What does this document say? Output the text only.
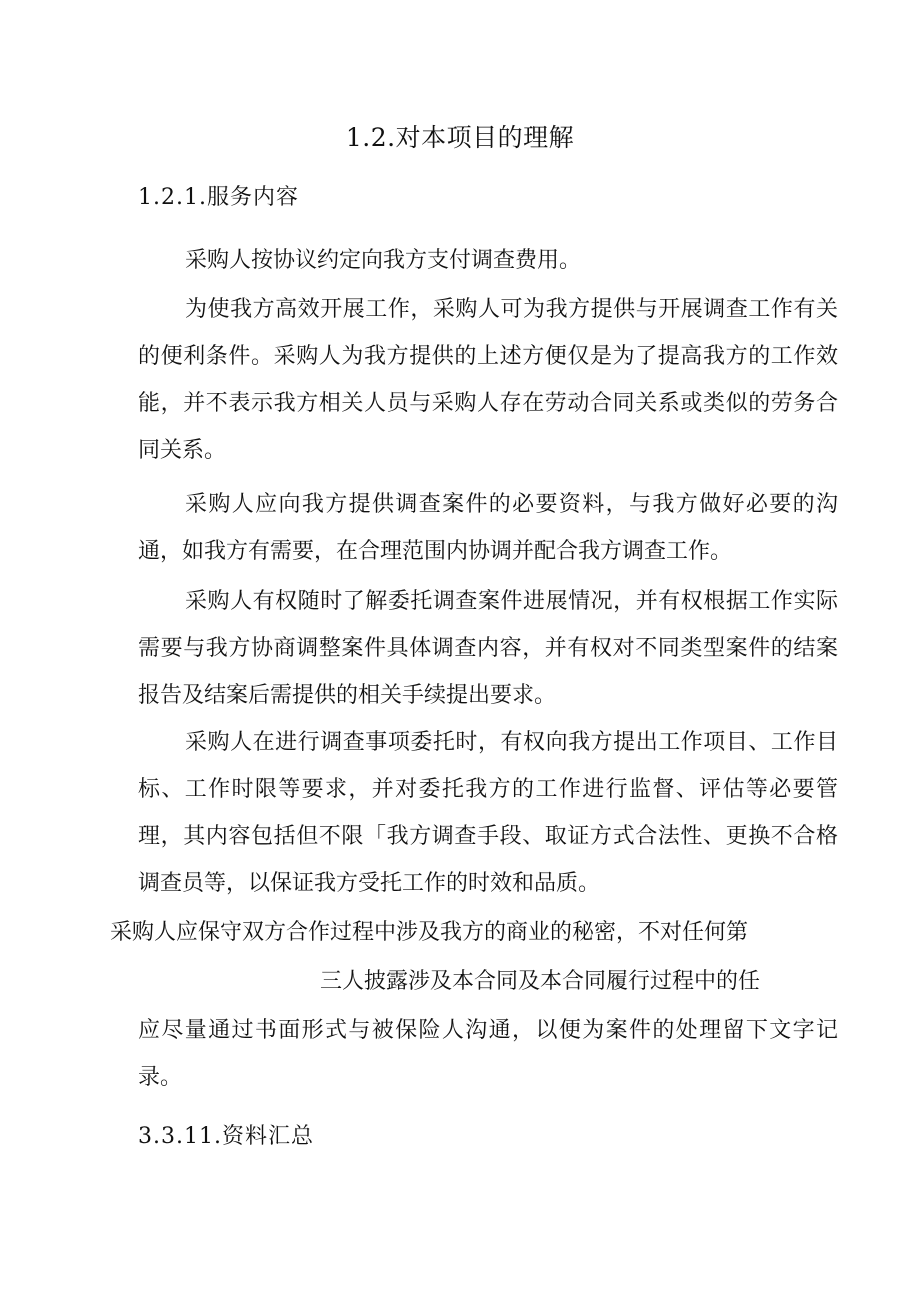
1.2.对本项目的理解
1.2.1.服务内容

采购人按协议约定向我方支付调查费用。

为使我方高效开展工作，采购人可为我方提供与开展调查工作有关的便利条件。采购人为我方提供的上述方便仅是为了提高我方的工作效能，并不表示我方相关人员与采购人存在劳动合同关系或类似的劳务合同关系。

采购人应向我方提供调查案件的必要资料，与我方做好必要的沟通，如我方有需要，在合理范围内协调并配合我方调查工作。

采购人有权随时了解委托调查案件进展情况，并有权根据工作实际需要与我方协商调整案件具体调查内容，并有权对不同类型案件的结案报告及结案后需提供的相关手续提出要求。

采购人在进行调查事项委托时，有权向我方提出工作项目、工作目标、工作时限等要求，并对委托我方的工作进行监督、评估等必要管理，其内容包括但不限「我方调查手段、取证方式合法性、更换不合格调查员等，以保证我方受托工作的时效和品质。

采购人应保守双方合作过程中涉及我方的商业的秘密，不对任何第

三人披露涉及本合同及本合同履行过程中的任

应尽量通过书面形式与被保险人沟通，以便为案件的处理留下文字记录。

3.3.11.资料汇总
